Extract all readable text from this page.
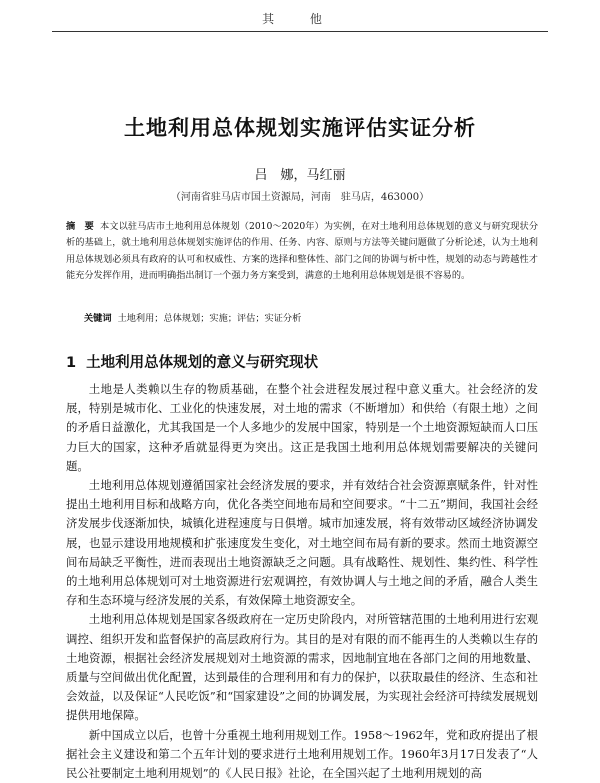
其 他
土地利用总体规划实施评估实证分析
吕　娜，马红丽
（河南省驻马店市国土资源局，河南　驻马店，463000）
摘　要 本文以驻马店市土地利用总体规划（2010～2020年）为实例，在对土地利用总体规划的意义与研究现状分析的基础上，就土地利用总体规划实施评估的作用、任务、内容、原则与方法等关键问题做了分析论述，认为土地利用总体规划必须具有政府的认可和权威性、方案的选择和整体性、部门之间的协调与析中性，规划的动态与跨越性才能充分发挥作用，进而明确指出制订一个强力务方案受到，满意的土地利用总体规划是很不容易的。
关键词 土地利用；总体规划；实施；评估；实证分析
1 土地利用总体规划的意义与研究现状

土地是人类赖以生存的物质基础，在整个社会进程发展过程中意义重大。社会经济的发展，特别是城市化、工业化的快速发展，对土地的需求（不断增加）和供给（有限土地）之间的矛盾日益激化，尤其我国是一个人多地少的发展中国家，特别是一个土地资源短缺而人口压力巨大的国家，这种矛盾就显得更为突出。这正是我国土地利用总体规划需要解决的关键问题。

土地利用总体规划遵循国家社会经济发展的要求，并有效结合社会资源禀赋条件，针对性提出土地利用目标和战略方向，优化各类空间地布局和空间要求。“十二五”期间，我国社会经济发展步伐逐渐加快，城镇化进程速度与日俱增。城市加速发展，将有效带动区域经济协调发展，也显示建设用地规模和扩张速度发生变化，对土地空间布局有新的要求。然而土地资源空间布局缺乏平衡性，进而表现出土地资源缺乏之问题。具有战略性、规划性、集约性、科学性的土地利用总体规划可对土地资源进行宏观调控，有效协调人与土地之间的矛盾，融合人类生存和生态环境与经济发展的关系，有效保障土地资源安全。

土地利用总体规划是国家各级政府在一定历史阶段内，对所管辖范围的土地利用进行宏观调控、组织开发和监督保护的高层政府行为。其目的是对有限的而不能再生的人类赖以生存的土地资源，根据社会经济发展规划对土地资源的需求，因地制宜地在各部门之间的用地数量、质量与空间做出优化配置，达到最佳的合理利用和有力的保护，以获取最佳的经济、生态和社会效益，以及保证“人民吃饭”和“国家建设”之间的协调发展，为实现社会经济可持续发展规划提供用地保障。

新中国成立以后，也曾十分重视土地利用规划工作。1958～1962年，党和政府提出了根据社会主义建设和第二个五年计划的要求进行土地利用规划工作。1960年3月17日发表了“人民公社要制定土地利用规划”的《人民日报》社论，在全国兴起了土地利用规划的高
